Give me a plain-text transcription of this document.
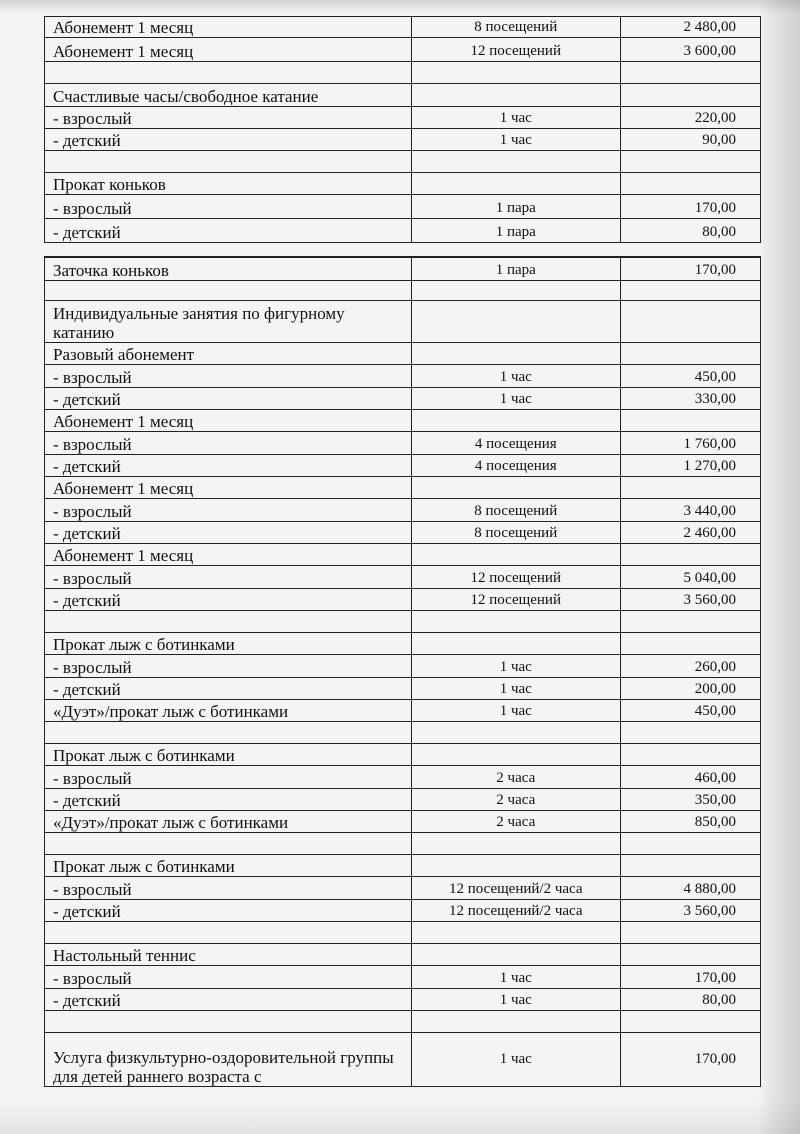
Абонемент 1 месяц	8 посещений	2 480,00
Абонемент 1 месяц	12 посещений	3 600,00

Счастливые часы/свободное катание		
- взрослый	1 час	220,00
- детский	1 час	90,00

Прокат коньков		
- взрослый	1 пара	170,00
- детский	1 пара	80,00

Заточка коньков	1 пара	170,00

Индивидуальные занятия по фигурному катанию		
Разовый абонемент		
- взрослый	1 час	450,00
- детский	1 час	330,00
Абонемент 1 месяц		
- взрослый	4 посещения	1 760,00
- детский	4 посещения	1 270,00
Абонемент 1 месяц		
- взрослый	8 посещений	3 440,00
- детский	8 посещений	2 460,00
Абонемент 1 месяц		
- взрослый	12 посещений	5 040,00
- детский	12 посещений	3 560,00

Прокат лыж с ботинками		
- взрослый	1 час	260,00
- детский	1 час	200,00
«Дуэт»/прокат лыж с ботинками	1 час	450,00

Прокат лыж с ботинками		
- взрослый	2 часа	460,00
- детский	2 часа	350,00
«Дуэт»/прокат лыж с ботинками	2 часа	850,00

Прокат лыж с ботинками		
- взрослый	12 посещений/2 часа	4 880,00
- детский	12 посещений/2 часа	3 560,00

Настольный теннис		
- взрослый	1 час	170,00
- детский	1 час	80,00

Услуга физкультурно-оздоровительной группы для детей раннего возраста с	1 час	170,00
